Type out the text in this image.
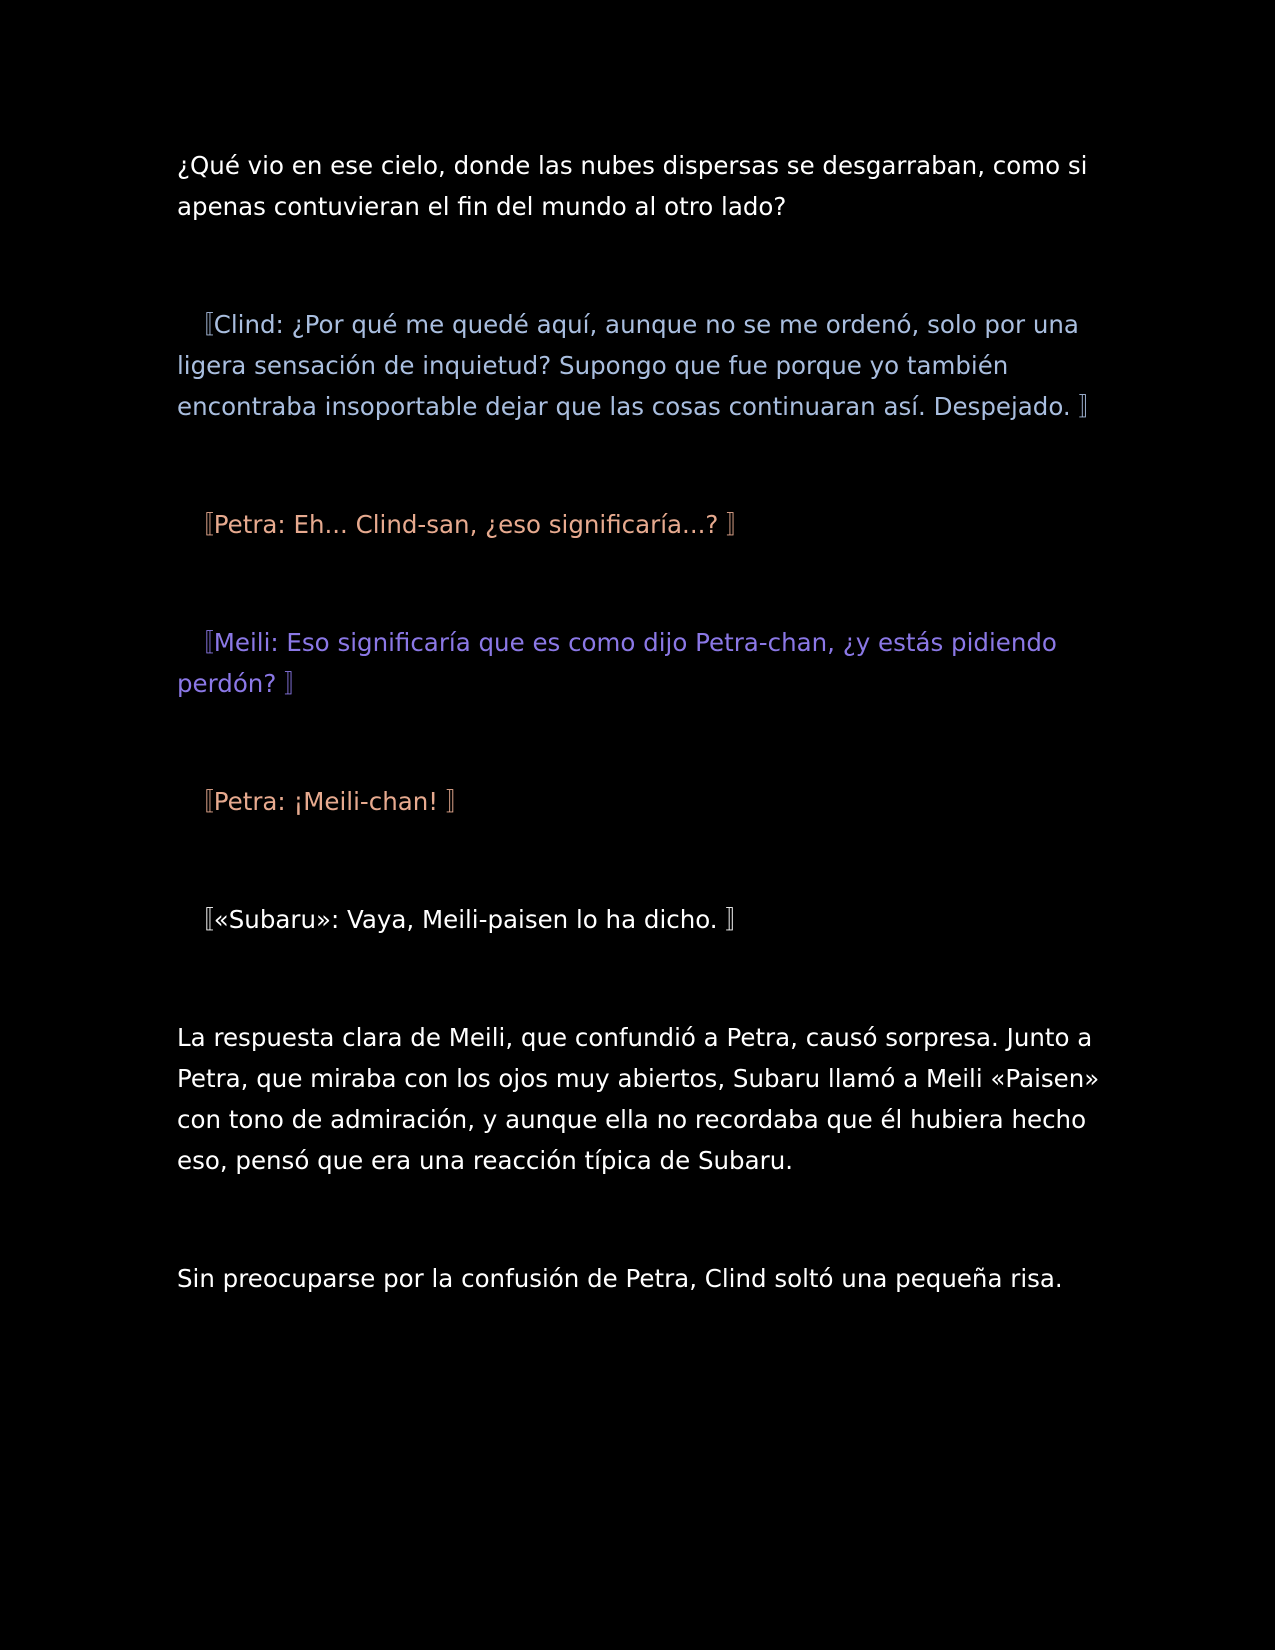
¿Qué vio en ese cielo, donde las nubes dispersas se desgarraban, como si apenas contuvieran el fin del mundo al otro lado?

　〚Clind: ¿Por qué me quedé aquí, aunque no se me ordenó, solo por una ligera sensación de inquietud? Supongo que fue porque yo también encontraba insoportable dejar que las cosas continuaran así. Despejado. 〛

　〚Petra: Eh... Clind-san, ¿eso significaría...? 〛

　〚Meili: Eso significaría que es como dijo Petra-chan, ¿y estás pidiendo perdón? 〛

　〚Petra: ¡Meili-chan! 〛

　〚«Subaru»: Vaya, Meili-paisen lo ha dicho. 〛

La respuesta clara de Meili, que confundió a Petra, causó sorpresa. Junto a Petra, que miraba con los ojos muy abiertos, Subaru llamó a Meili «Paisen» con tono de admiración, y aunque ella no recordaba que él hubiera hecho eso, pensó que era una reacción típica de Subaru.

Sin preocuparse por la confusión de Petra, Clind soltó una pequeña risa.
